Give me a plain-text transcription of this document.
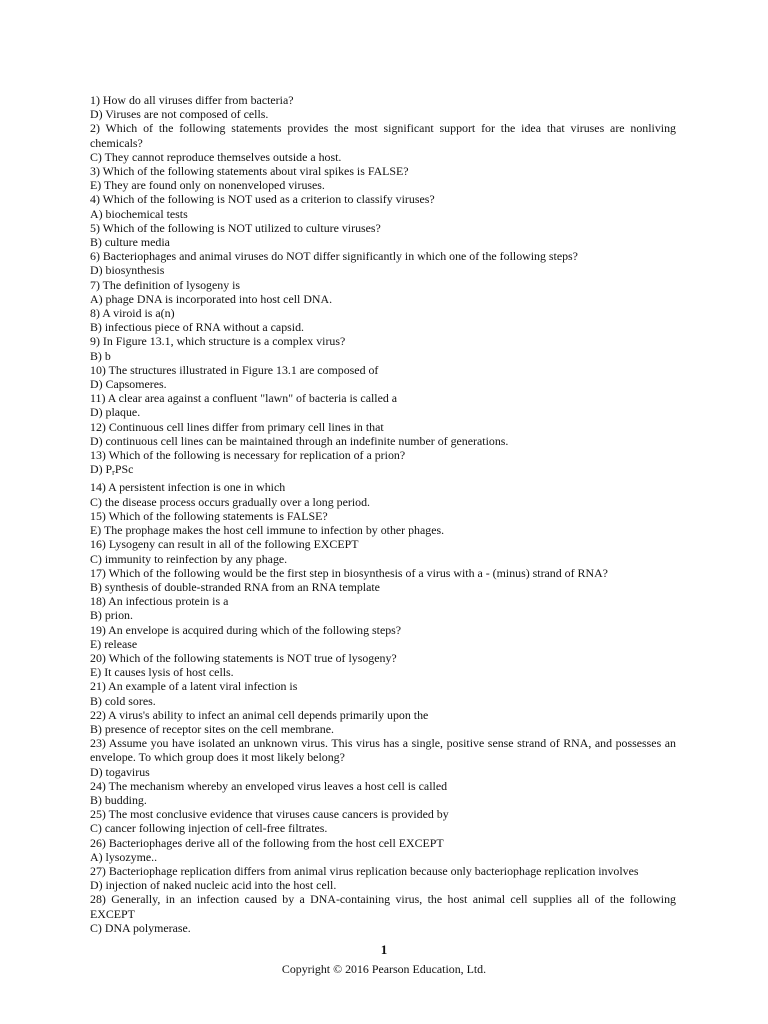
1) How do all viruses differ from bacteria?

D) Viruses are not composed of cells.

2) Which of the following statements provides the most significant support for the idea that viruses are nonliving chemicals?

C) They cannot reproduce themselves outside a host.

3) Which of the following statements about viral spikes is FALSE?

E) They are found only on nonenveloped viruses.

4) Which of the following is NOT used as a criterion to classify viruses?

A) biochemical tests

5) Which of the following is NOT utilized to culture viruses?

B) culture media

6) Bacteriophages and animal viruses do NOT differ significantly in which one of the following steps?

D) biosynthesis

7) The definition of lysogeny is

A) phage DNA is incorporated into host cell DNA.

8) A viroid is a(n)

B) infectious piece of RNA without a capsid.

9) In Figure 13.1, which structure is a complex virus?

B) b

10) The structures illustrated in Figure 13.1 are composed of

D) Capsomeres.

11) A clear area against a confluent "lawn" of bacteria is called a

D) plaque.

12) Continuous cell lines differ from primary cell lines in that

D) continuous cell lines can be maintained through an indefinite number of generations.

13) Which of the following is necessary for replication of a prion?

D) PrPSc

14) A persistent infection is one in which

C) the disease process occurs gradually over a long period.

15) Which of the following statements is FALSE?

E) The prophage makes the host cell immune to infection by other phages.

16) Lysogeny can result in all of the following EXCEPT

C) immunity to reinfection by any phage.

17) Which of the following would be the first step in biosynthesis of a virus with a - (minus) strand of RNA?

B) synthesis of double-stranded RNA from an RNA template

18) An infectious protein is a

B) prion.

19) An envelope is acquired during which of the following steps?

E) release

20) Which of the following statements is NOT true of lysogeny?

E) It causes lysis of host cells.

21) An example of a latent viral infection is

B) cold sores.

22) A virus's ability to infect an animal cell depends primarily upon the

B) presence of receptor sites on the cell membrane.

23) Assume you have isolated an unknown virus. This virus has a single, positive sense strand of RNA, and possesses an envelope. To which group does it most likely belong?

D) togavirus

24) The mechanism whereby an enveloped virus leaves a host cell is called

B) budding.

25) The most conclusive evidence that viruses cause cancers is provided by

C) cancer following injection of cell-free filtrates.

26) Bacteriophages derive all of the following from the host cell EXCEPT

A) lysozyme..

27) Bacteriophage replication differs from animal virus replication because only bacteriophage replication involves

D) injection of naked nucleic acid into the host cell.

28) Generally, in an infection caused by a DNA-containing virus, the host animal cell supplies all of the following EXCEPT

C) DNA polymerase.

1
Copyright © 2016 Pearson Education, Ltd.
